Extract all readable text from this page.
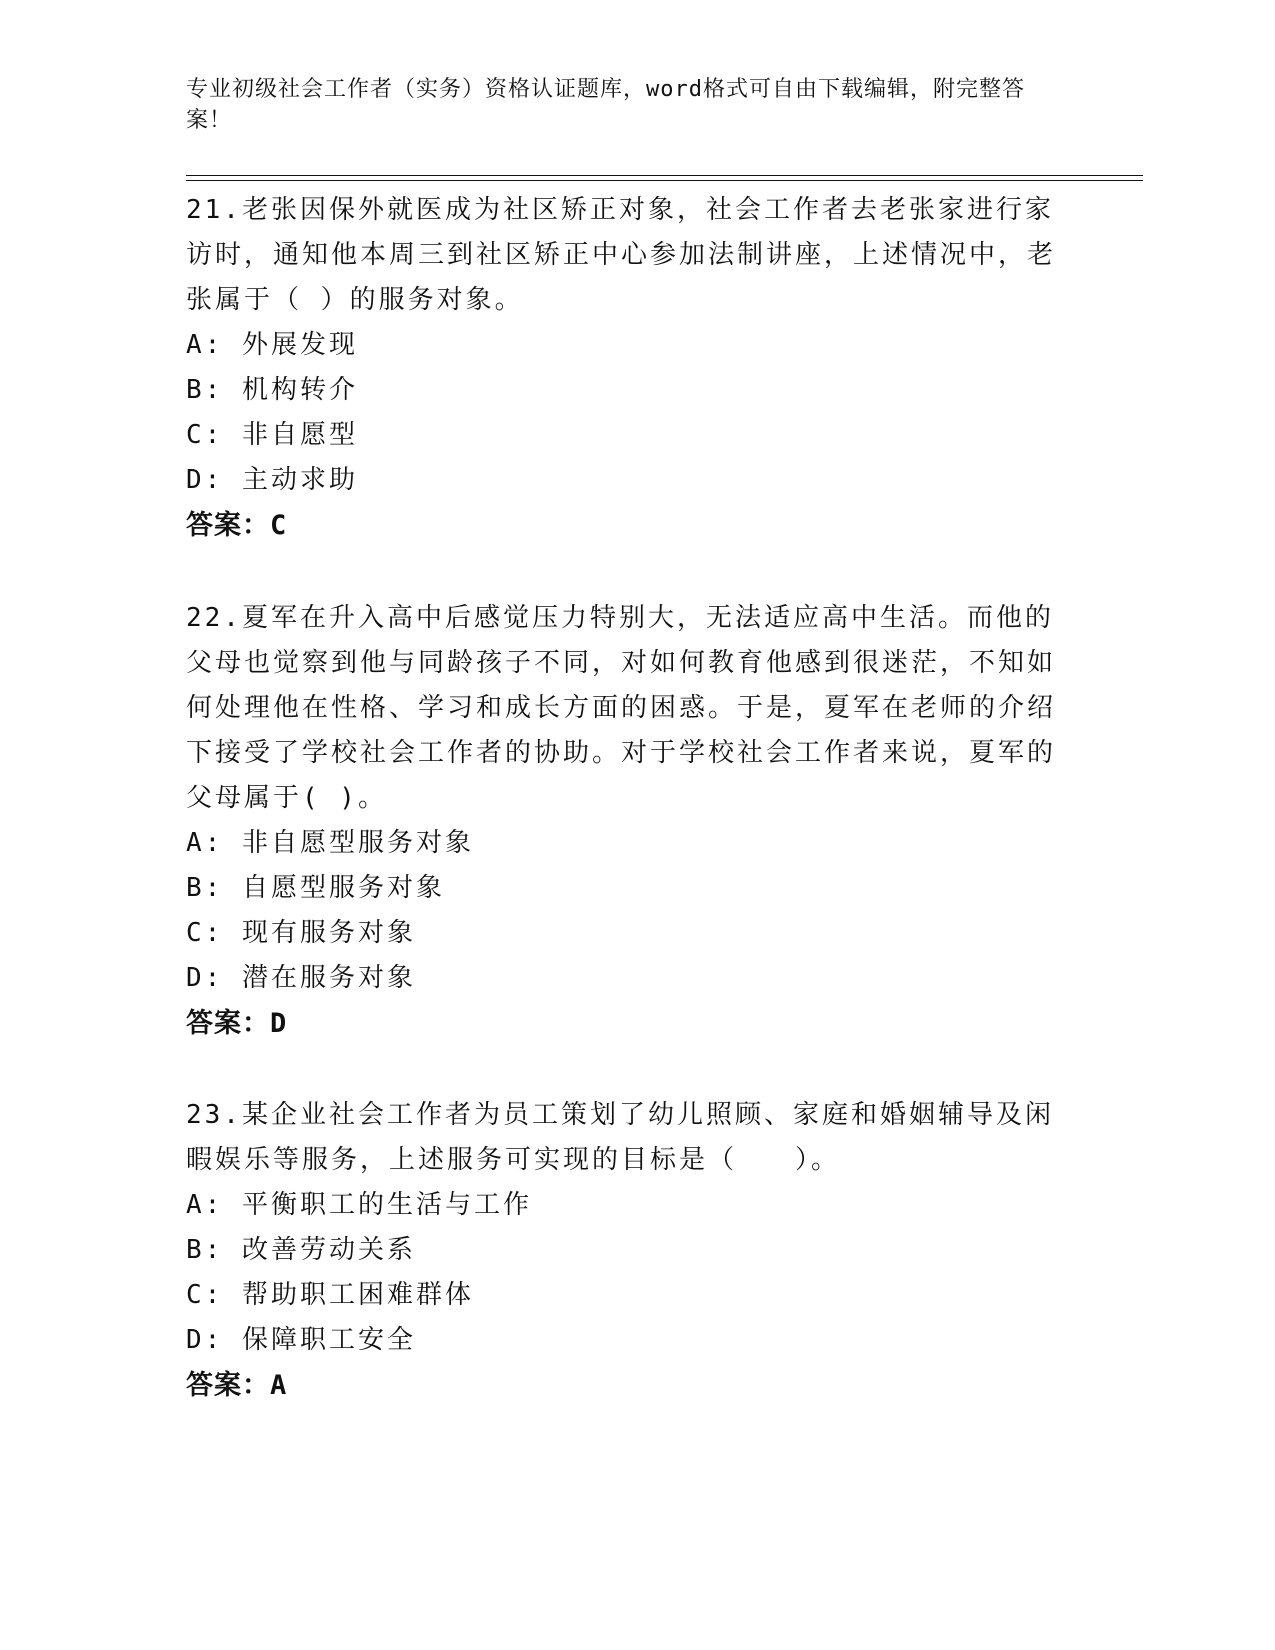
专业初级社会工作者（实务）资格认证题库，word格式可自由下载编辑，附完整答案！

21.老张因保外就医成为社区矫正对象，社会工作者去老张家进行家访时，通知他本周三到社区矫正中心参加法制讲座，上述情况中，老张属于（ ）的服务对象。

A: 外展发现

B: 机构转介

C: 非自愿型

D: 主动求助

答案：C

22.夏军在升入高中后感觉压力特别大，无法适应高中生活。而他的父母也觉察到他与同龄孩子不同，对如何教育他感到很迷茫，不知如何处理他在性格、学习和成长方面的困惑。于是，夏军在老师的介绍下接受了学校社会工作者的协助。对于学校社会工作者来说，夏军的父母属于( )。

A: 非自愿型服务对象

B: 自愿型服务对象

C: 现有服务对象

D: 潜在服务对象

答案：D

23.某企业社会工作者为员工策划了幼儿照顾、家庭和婚姻辅导及闲暇娱乐等服务，上述服务可实现的目标是（　　）。

A: 平衡职工的生活与工作

B: 改善劳动关系

C: 帮助职工困难群体

D: 保障职工安全

答案：A
